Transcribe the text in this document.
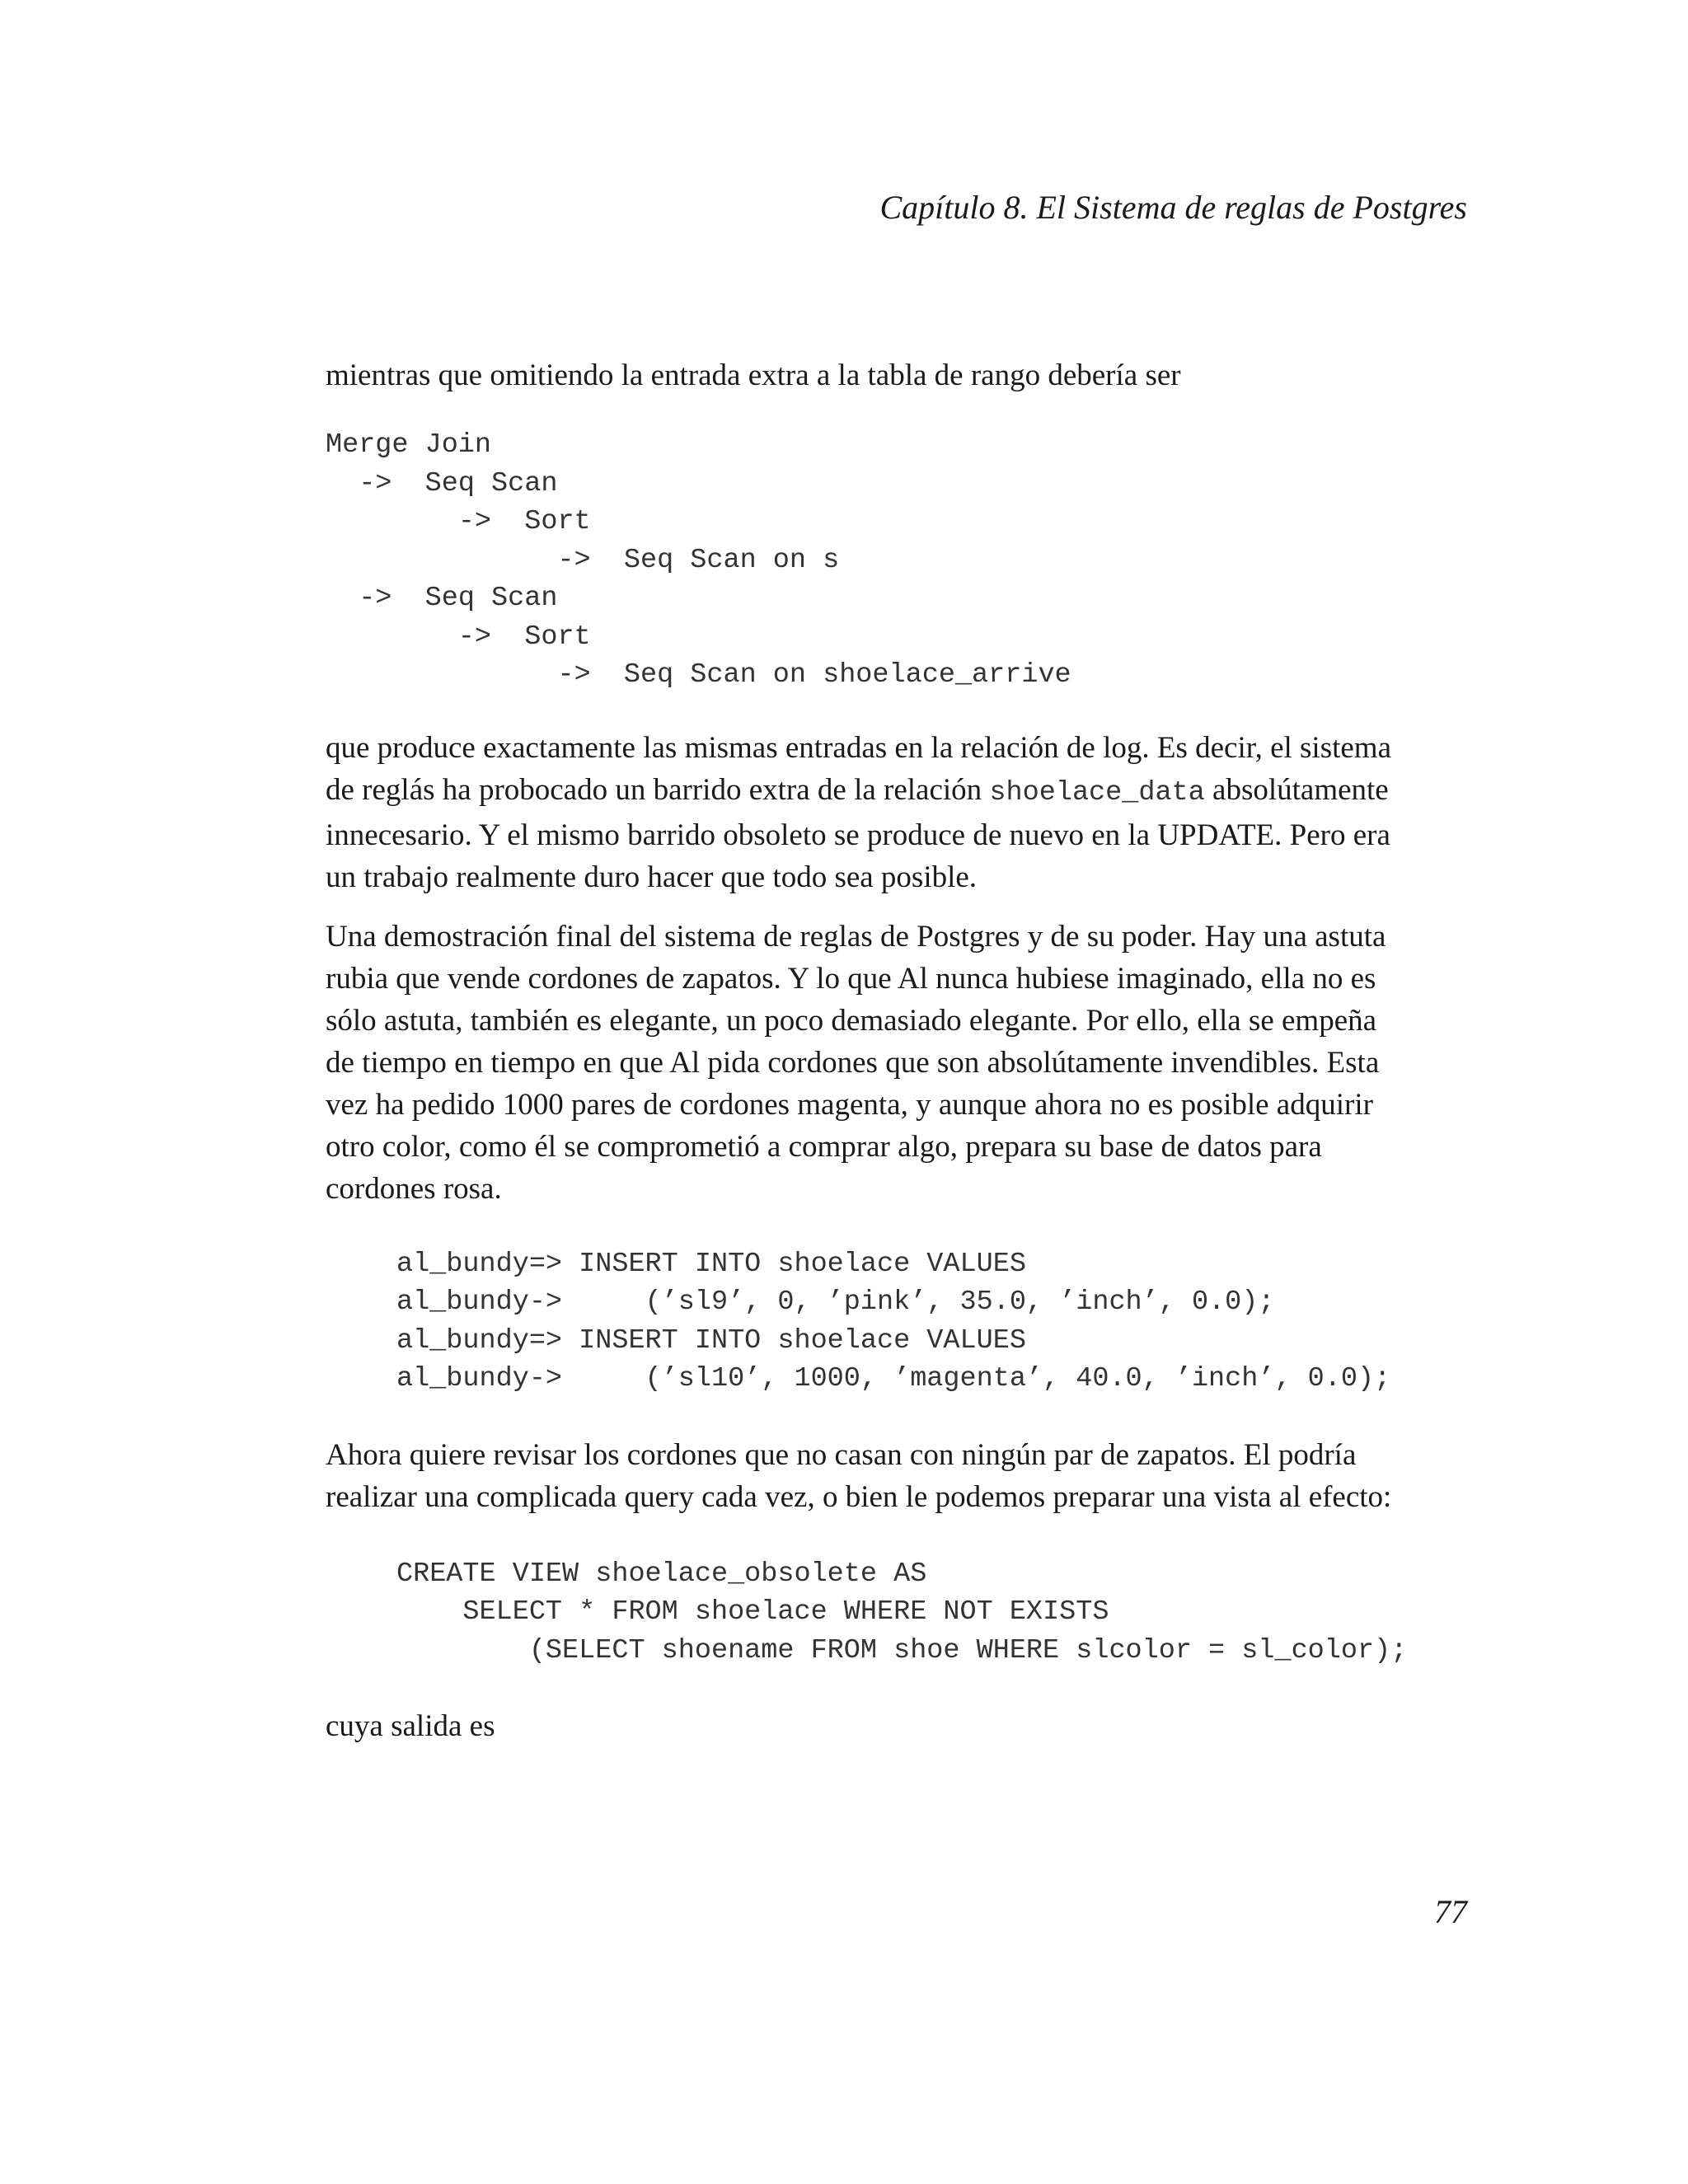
Capítulo 8. El Sistema de reglas de Postgres

mientras que omitiendo la entrada extra a la tabla de rango debería ser

Merge Join
->  Seq Scan
->  Sort
->  Seq Scan on s
->  Seq Scan
->  Sort
->  Seq Scan on shoelace_arrive

que produce exactamente las mismas entradas en la relación de log. Es decir, el sistema
de reglás ha probocado un barrido extra de la relación shoelace_data absolútamente
innecesario. Y el mismo barrido obsoleto se produce de nuevo en la UPDATE. Pero era
un trabajo realmente duro hacer que todo sea posible.

Una demostración final del sistema de reglas de Postgres y de su poder. Hay una astuta
rubia que vende cordones de zapatos. Y lo que Al nunca hubiese imaginado, ella no es
sólo astuta, también es elegante, un poco demasiado elegante. Por ello, ella se empeña
de tiempo en tiempo en que Al pida cordones que son absolútamente invendibles. Esta
vez ha pedido 1000 pares de cordones magenta, y aunque ahora no es posible adquirir
otro color, como él se comprometió a comprar algo, prepara su base de datos para
cordones rosa.

al_bundy=> INSERT INTO shoelace VALUES
al_bundy->     (’sl9’, 0, ’pink’, 35.0, ’inch’, 0.0);
al_bundy=> INSERT INTO shoelace VALUES
al_bundy->     (’sl10’, 1000, ’magenta’, 40.0, ’inch’, 0.0);

Ahora quiere revisar los cordones que no casan con ningún par de zapatos. El podría
realizar una complicada query cada vez, o bien le podemos preparar una vista al efecto:

CREATE VIEW shoelace_obsolete AS
SELECT * FROM shoelace WHERE NOT EXISTS
(SELECT shoename FROM shoe WHERE slcolor = sl_color);

cuya salida es

77
